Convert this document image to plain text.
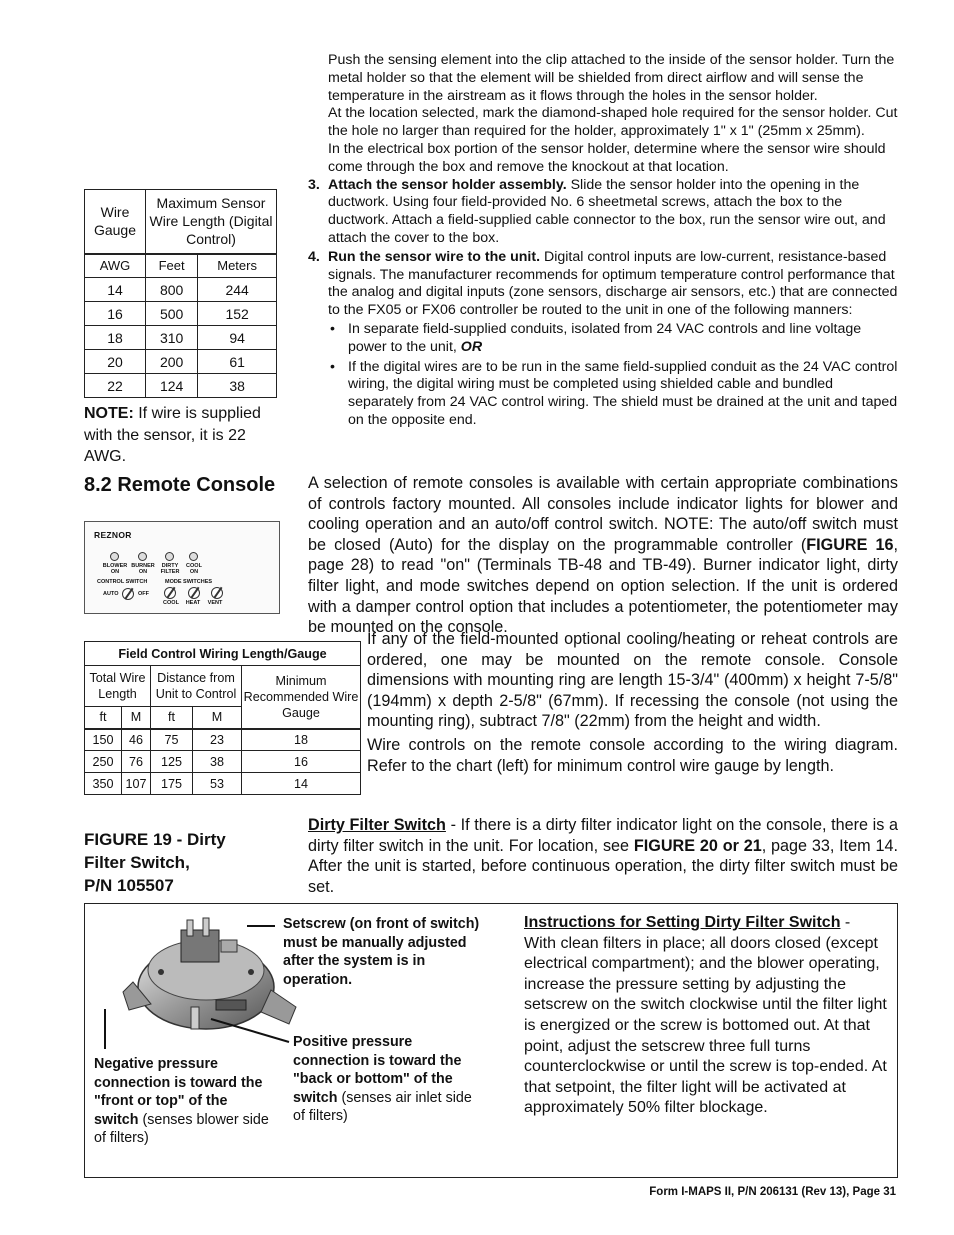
Push the sensing element into the clip attached to the inside of the sensor holder. Turn the metal holder so that the element will be shielded from direct airflow and will sense the temperature in the airstream as it flows through the holes in the sensor holder.

At the location selected, mark the diamond-shaped hole required for the sensor holder. Cut the hole no larger than required for the holder, approximately 1" x 1" (25mm x 25mm).

In the electrical box portion of the sensor holder, determine where the sensor wire should come through the box and remove the knockout at that location.

3. Attach the sensor holder assembly. Slide the sensor holder into the opening in the ductwork. Using four field-provided No. 6 sheetmetal screws, attach the box to the ductwork. Attach a field-supplied cable connector to the box, run the sensor wire out, and attach the cover to the box.
4. Run the sensor wire to the unit. Digital control inputs are low-current, resistance-based signals. The manufacturer recommends for optimum temperature control performance that the analog and digital inputs (zone sensors, discharge air sensors, etc.) that are connected to the FX05 or FX06 controller be routed to the unit in one of the following manners:
• In separate field-supplied conduits, isolated from 24 VAC controls and line voltage power to the unit, OR
• If the digital wires are to be run in the same field-supplied conduit as the 24 VAC control wiring, the digital wiring must be completed using shielded cable and bundled separately from 24 VAC control wiring. The shield must be drained at the unit and taped on the opposite end.
Wire Gauge	Maximum Sensor Wire Length (Digital Control)	
AWG	Feet	Meters
14	800	244
16	500	152
18	310	94
20	200	61
22	124	38
NOTE: If wire is supplied with the sensor, it is 22 AWG.
8.2 Remote Console A selection of remote consoles is available with certain appropriate combinations of controls factory mounted. All consoles include indicator lights for blower and cooling operation and an auto/off control switch. NOTE: The auto/off switch must be closed (Auto) for the display on the programmable controller (FIGURE 16, page 28) to read "on" (Terminals TB-48 and TB-49). Burner indicator light, dirty filter light, and mode switches depend on option selection. If the unit is ordered with a damper control option that includes a potentiometer, the potentiometer may be mounted on the console.

If any of the field-mounted optional cooling/heating or reheat controls are ordered, one may be mounted on the remote console. Console dimensions with mounting ring are length 15-3/4" (400mm) x height 7-5/8" (194mm) x depth 2-5/8" (67mm). If recessing the console (not using the mounting ring), subtract 7/8" (22mm) from the height and width.

Wire controls on the remote console according to the wiring diagram. Refer to the chart (left) for minimum control wire gauge by length.

REZNOR
BLOWER
ON
BURNER
ON
DIRTY
FILTER
COOL
ON
CONTROL SWITCH	MODE SWITCHES
AUTO	OFF
COOL	HEAT	VENT
Field Control Wiring Length/Gauge				
Total Wire Length		Distance from Unit to Control		Minimum Recommended Wire Gauge
ft	M	ft	M	
150	46	75	23	18
250	76	125	38	16
350	107	175	53	14
FIGURE 19 - Dirty
Filter Switch,
P/N 105507

Dirty Filter Switch - If there is a dirty filter indicator light on the console, there is a dirty filter switch in the unit. For location, see FIGURE 20 or 21, page 33, Item 14. After the unit is started, before continuous operation, the dirty filter switch must be set.

Setscrew (on front of switch) must be manually adjusted after the system is in operation.
Positive pressure connection is toward the "back or bottom" of the switch (senses air inlet side of filters)
Negative pressure connection is toward the "front or top" of the switch (senses blower side of filters)
Instructions for Setting Dirty Filter Switch -
With clean filters in place; all doors closed (except electrical compartment); and the blower operating, increase the pressure setting by adjusting the setscrew on the switch clockwise until the filter light is energized or the screw is bottomed out. At that point, adjust the setscrew three full turns counterclockwise or until the screw is top-ended. At that setpoint, the filter light will be activated at approximately 50% filter blockage.
Form I-MAPS II, P/N 206131 (Rev 13), Page 31
